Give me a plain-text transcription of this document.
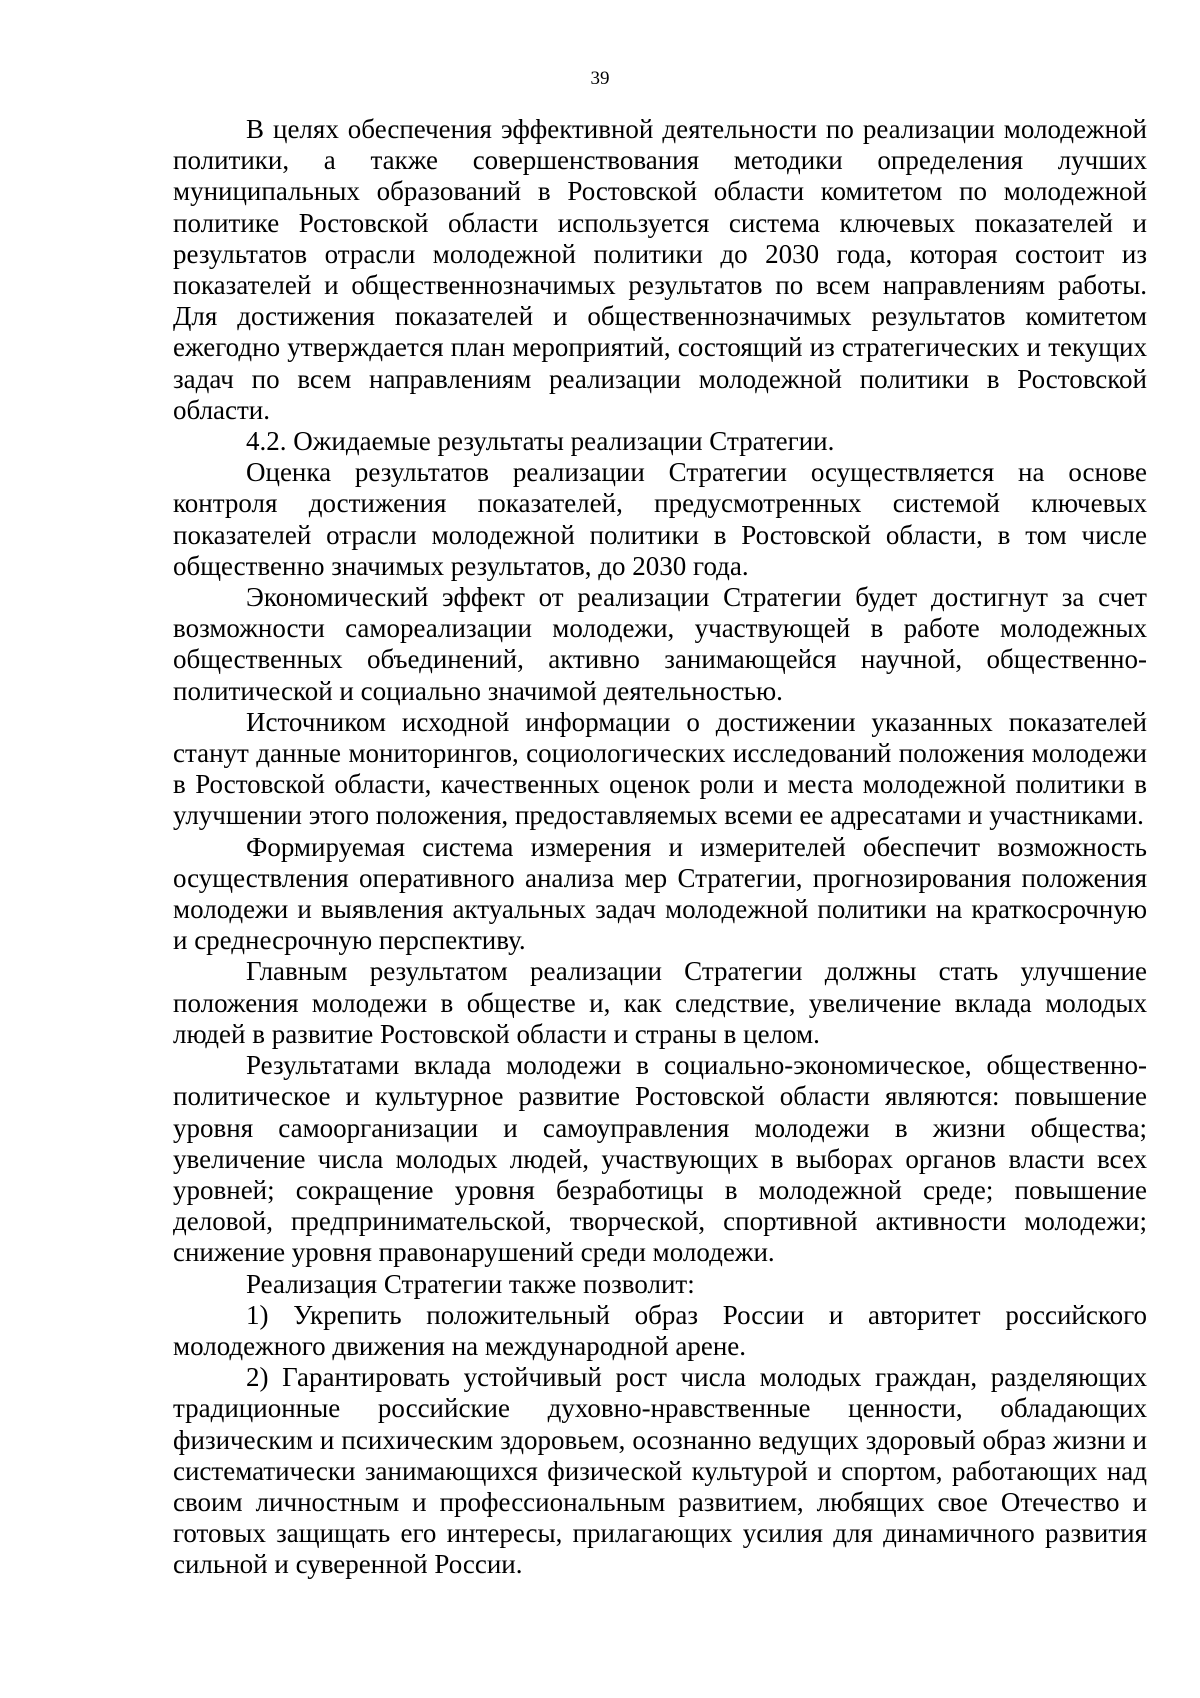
39

В целях обеспечения эффективной деятельности по реализации молодежной политики, а также совершенствования методики определения лучших муниципальных образований в Ростовской области комитетом по молодежной политике Ростовской области используется система ключевых показателей и результатов отрасли молодежной политики до 2030 года, которая состоит из показателей и общественнозначимых результатов по всем направлениям работы. Для достижения показателей и общественнозначимых результатов комитетом ежегодно утверждается план мероприятий, состоящий из стратегических и текущих задач по всем направлениям реализации молодежной политики в Ростовской области.

4.2. Ожидаемые результаты реализации Стратегии.

Оценка результатов реализации Стратегии осуществляется на основе контроля достижения показателей, предусмотренных системой ключевых показателей отрасли молодежной политики в Ростовской области, в том числе общественно значимых результатов, до 2030 года.

Экономический эффект от реализации Стратегии будет достигнут за счет возможности самореализации молодежи, участвующей в работе молодежных общественных объединений, активно занимающейся научной, общественно-политической и социально значимой деятельностью.

Источником исходной информации о достижении указанных показателей станут данные мониторингов, социологических исследований положения молодежи в Ростовской области, качественных оценок роли и места молодежной политики в улучшении этого положения, предоставляемых всеми ее адресатами и участниками.

Формируемая система измерения и измерителей обеспечит возможность осуществления оперативного анализа мер Стратегии, прогнозирования положения молодежи и выявления актуальных задач молодежной политики на краткосрочную и среднесрочную перспективу.

Главным результатом реализации Стратегии должны стать улучшение положения молодежи в обществе и, как следствие, увеличение вклада молодых людей в развитие Ростовской области и страны в целом.

Результатами вклада молодежи в социально-экономическое, общественно-политическое и культурное развитие Ростовской области являются: повышение уровня самоорганизации и самоуправления молодежи в жизни общества; увеличение числа молодых людей, участвующих в выборах органов власти всех уровней; сокращение уровня безработицы в молодежной среде; повышение деловой, предпринимательской, творческой, спортивной активности молодежи; снижение уровня правонарушений среди молодежи.

Реализация Стратегии также позволит:

1) Укрепить положительный образ России и авторитет российского молодежного движения на международной арене.

2) Гарантировать устойчивый рост числа молодых граждан, разделяющих традиционные российские духовно-нравственные ценности, обладающих физическим и психическим здоровьем, осознанно ведущих здоровый образ жизни и систематически занимающихся физической культурой и спортом, работающих над своим личностным и профессиональным развитием, любящих свое Отечество и готовых защищать его интересы, прилагающих усилия для динамичного развития сильной и суверенной России.
